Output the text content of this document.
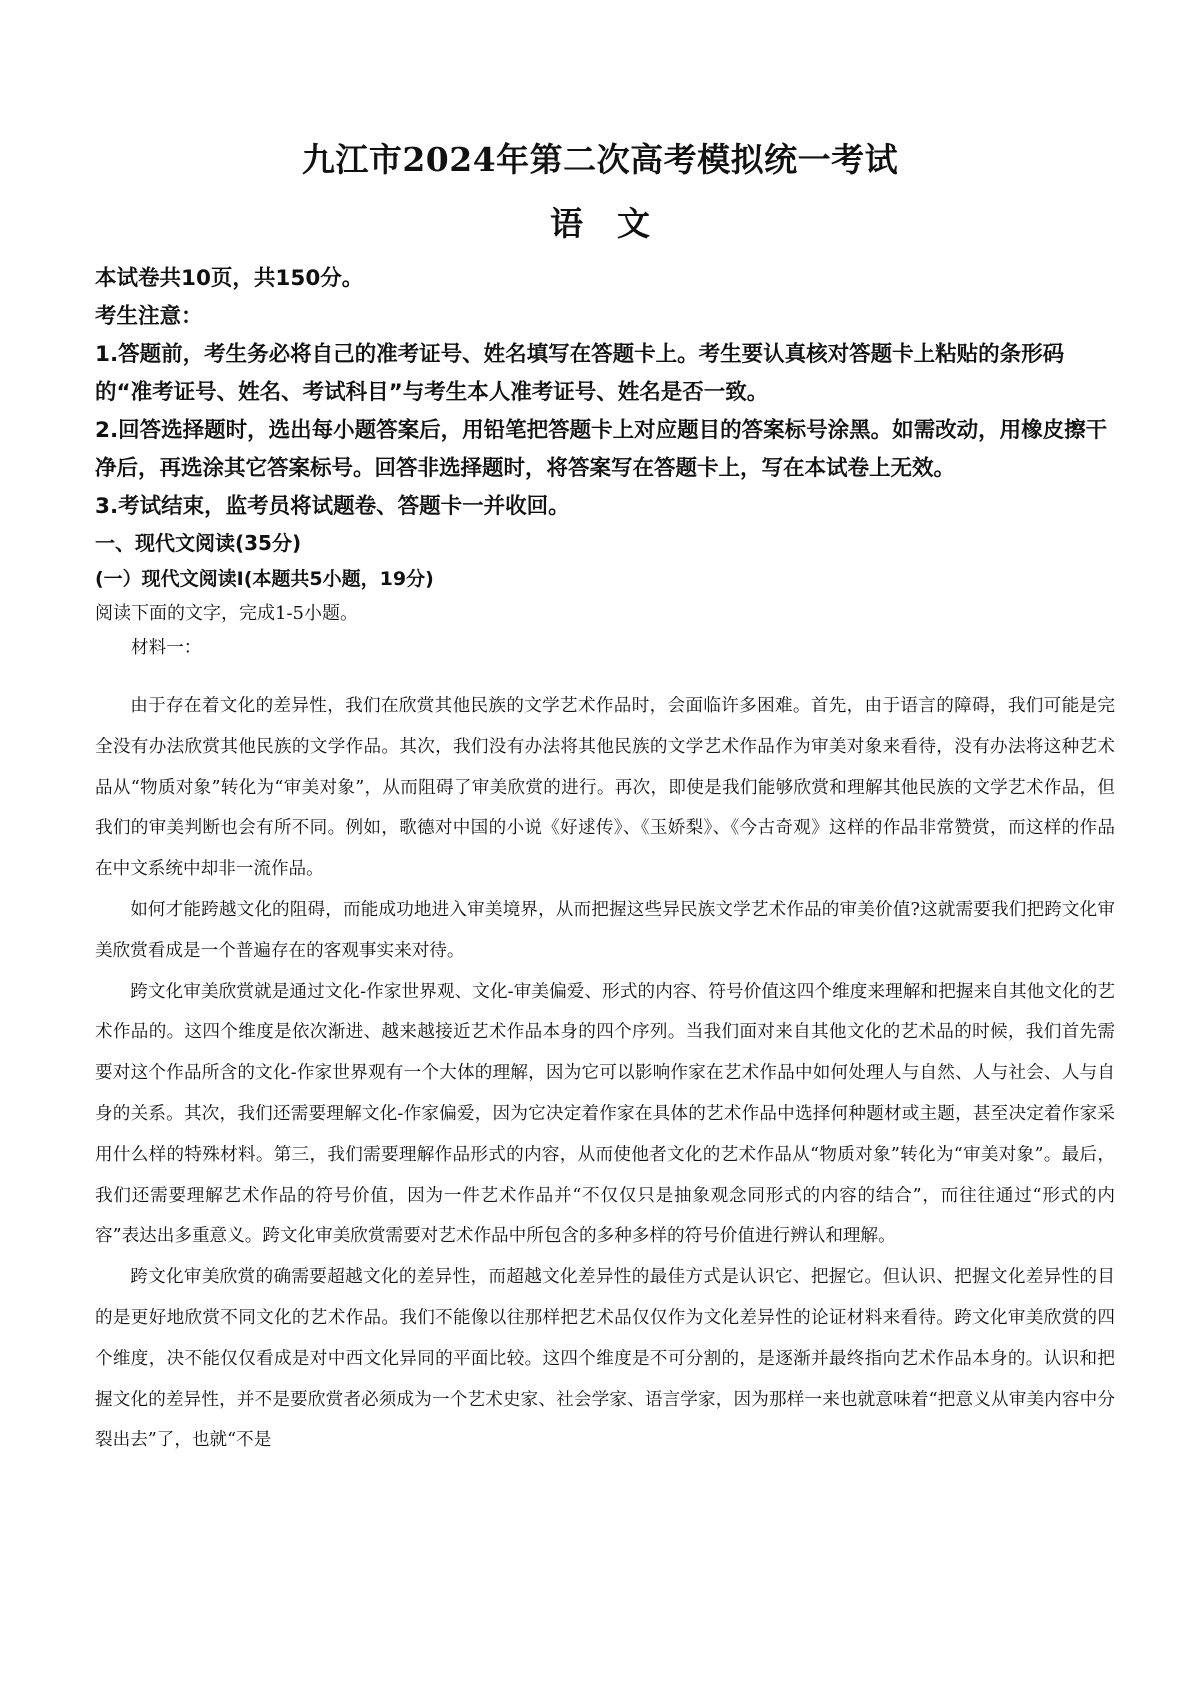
九江市2024年第二次高考模拟统一考试
语文

本试卷共10页，共150分。

考生注意：

1.答题前，考生务必将自己的准考证号、姓名填写在答题卡上。考生要认真核对答题卡上粘贴的条形码的“准考证号、姓名、考试科目”与考生本人准考证号、姓名是否一致。

2.回答选择题时，选出每小题答案后，用铅笔把答题卡上对应题目的答案标号涂黑。如需改动，用橡皮擦干净后，再选涂其它答案标号。回答非选择题时，将答案写在答题卡上，写在本试卷上无效。

3.考试结束，监考员将试题卷、答题卡一并收回。

一、现代文阅读(35分)
(一）现代文阅读Ⅰ(本题共5小题，19分)
阅读下面的文字，完成1-5小题。
材料一：

由于存在着文化的差异性，我们在欣赏其他民族的文学艺术作品时，会面临许多困难。首先，由于语言的障碍，我们可能是完全没有办法欣赏其他民族的文学作品。其次，我们没有办法将其他民族的文学艺术作品作为审美对象来看待，没有办法将这种艺术品从“物质对象”转化为“审美对象”，从而阻碍了审美欣赏的进行。再次，即使是我们能够欣赏和理解其他民族的文学艺术作品，但我们的审美判断也会有所不同。例如，歌德对中国的小说《好逑传》、《玉娇梨》、《今古奇观》这样的作品非常赞赏，而这样的作品在中文系统中却非一流作品。

如何才能跨越文化的阻碍，而能成功地进入审美境界，从而把握这些异民族文学艺术作品的审美价值?这就需要我们把跨文化审美欣赏看成是一个普遍存在的客观事实来对待。

跨文化审美欣赏就是通过文化-作家世界观、文化-审美偏爱、形式的内容、符号价值这四个维度来理解和把握来自其他文化的艺术作品的。这四个维度是依次渐进、越来越接近艺术作品本身的四个序列。当我们面对来自其他文化的艺术品的时候，我们首先需要对这个作品所含的文化-作家世界观有一个大体的理解，因为它可以影响作家在艺术作品中如何处理人与自然、人与社会、人与自身的关系。其次，我们还需要理解文化-作家偏爱，因为它决定着作家在具体的艺术作品中选择何种题材或主题，甚至决定着作家采用什么样的特殊材料。第三，我们需要理解作品形式的内容，从而使他者文化的艺术作品从“物质对象”转化为“审美对象”。最后，我们还需要理解艺术作品的符号价值，因为一件艺术作品并“不仅仅只是抽象观念同形式的内容的结合”，而往往通过“形式的内容”表达出多重意义。跨文化审美欣赏需要对艺术作品中所包含的多种多样的符号价值进行辨认和理解。

跨文化审美欣赏的确需要超越文化的差异性，而超越文化差异性的最佳方式是认识它、把握它。但认识、把握文化差异性的目的是更好地欣赏不同文化的艺术作品。我们不能像以往那样把艺术品仅仅作为文化差异性的论证材料来看待。跨文化审美欣赏的四个维度，决不能仅仅看成是对中西文化异同的平面比较。这四个维度是不可分割的，是逐渐并最终指向艺术作品本身的。认识和把握文化的差异性，并不是要欣赏者必须成为一个艺术史家、社会学家、语言学家，因为那样一来也就意味着“把意义从审美内容中分裂出去”了，也就“不是
